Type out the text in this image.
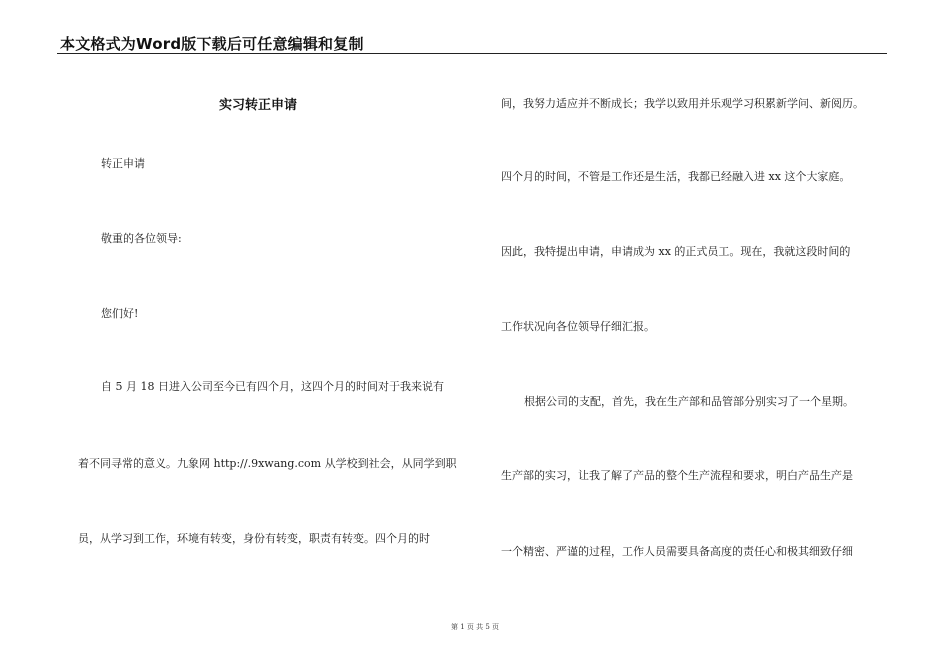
本文格式为Word版下载后可任意编辑和复制
实习转正申请
转正申请
敬重的各位领导:
您们好!
自 5 月 18 日进入公司至今已有四个月，这四个月的时间对于我来说有
着不同寻常的意义。九象网 http://.9xwang.com 从学校到社会，从同学到职
员，从学习到工作，环境有转变，身份有转变，职责有转变。四个月的时
间，我努力适应并不断成长；我学以致用并乐观学习积累新学问、新阅历。
四个月的时间，不管是工作还是生活，我都已经融入进 xx 这个大家庭。
因此，我特提出申请，申请成为 xx 的正式员工。现在，我就这段时间的
工作状况向各位领导仔细汇报。
根据公司的支配，首先，我在生产部和品管部分别实习了一个星期。
生产部的实习，让我了解了产品的整个生产流程和要求，明白产品生产是
一个精密、严谨的过程，工作人员需要具备高度的责任心和极其细致仔细
第 1 页 共 5 页
